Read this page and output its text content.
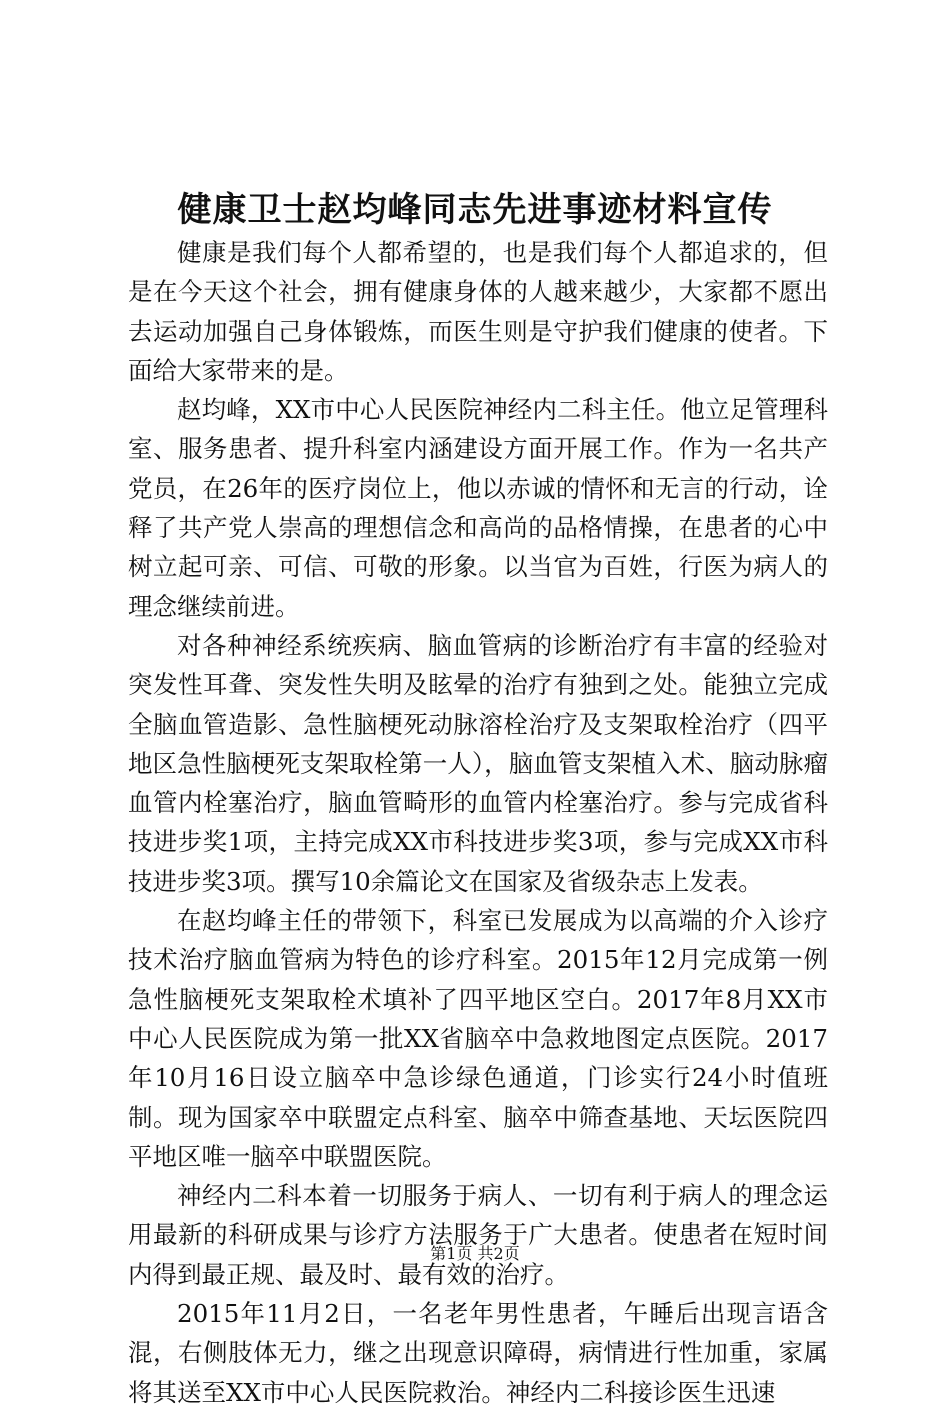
健康卫士赵均峰同志先进事迹材料宣传

健康是我们每个人都希望的，也是我们每个人都追求的，但是在今天这个社会，拥有健康身体的人越来越少，大家都不愿出去运动加强自己身体锻炼，而医生则是守护我们健康的使者。下面给大家带来的是。

赵均峰，XX市中心人民医院神经内二科主任。他立足管理科室、服务患者、提升科室内涵建设方面开展工作。作为一名共产党员，在26年的医疗岗位上，他以赤诚的情怀和无言的行动，诠释了共产党人崇高的理想信念和高尚的品格情操，在患者的心中树立起可亲、可信、可敬的形象。以当官为百姓，行医为病人的理念继续前进。

对各种神经系统疾病、脑血管病的诊断治疗有丰富的经验对突发性耳聋、突发性失明及眩晕的治疗有独到之处。能独立完成全脑血管造影、急性脑梗死动脉溶栓治疗及支架取栓治疗（四平地区急性脑梗死支架取栓第一人），脑血管支架植入术、脑动脉瘤血管内栓塞治疗，脑血管畸形的血管内栓塞治疗。参与完成省科技进步奖1项，主持完成XX市科技进步奖3项，参与完成XX市科技进步奖3项。撰写10余篇论文在国家及省级杂志上发表。

在赵均峰主任的带领下，科室已发展成为以高端的介入诊疗技术治疗脑血管病为特色的诊疗科室。2015年12月完成第一例急性脑梗死支架取栓术填补了四平地区空白。2017年8月XX市中心人民医院成为第一批XX省脑卒中急救地图定点医院。2017年10月16日设立脑卒中急诊绿色通道，门诊实行24小时值班制。现为国家卒中联盟定点科室、脑卒中筛查基地、天坛医院四平地区唯一脑卒中联盟医院。

神经内二科本着一切服务于病人、一切有利于病人的理念运用最新的科研成果与诊疗方法服务于广大患者。使患者在短时间内得到最正规、最及时、最有效的治疗。

2015年11月2日，一名老年男性患者，午睡后出现言语含混，右侧肢体无力，继之出现意识障碍，病情进行性加重，家属将其送至XX市中心人民医院救治。神经内二科接诊医生迅速

第1页 共2页
